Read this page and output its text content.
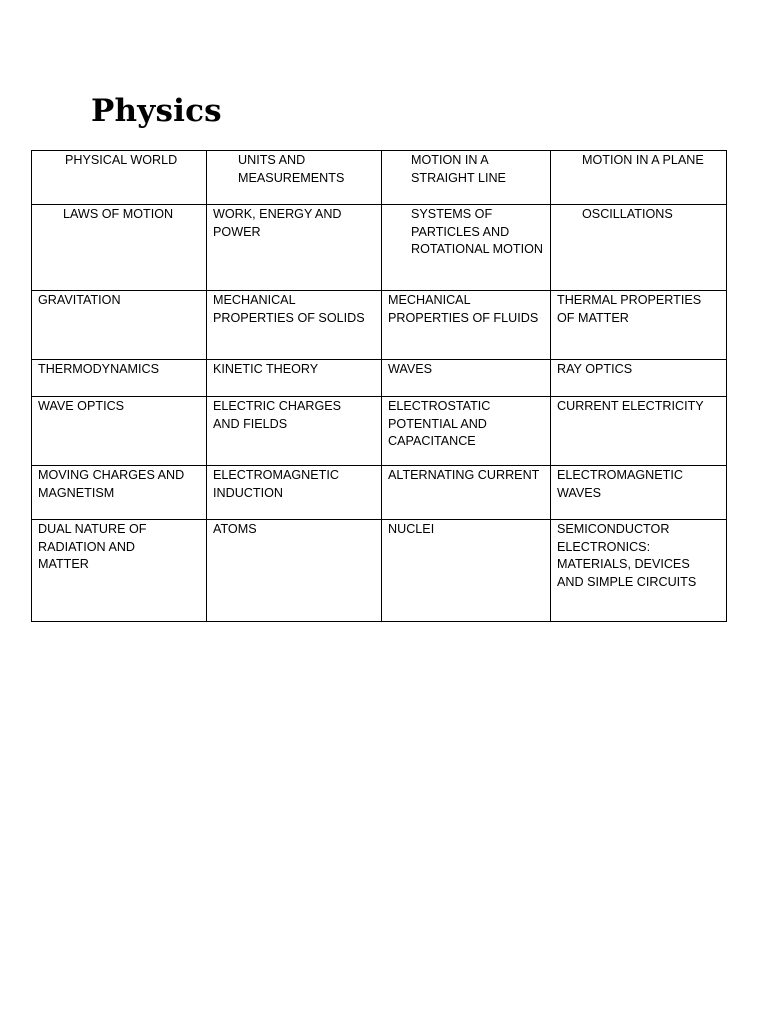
Physics
PHYSICAL WORLD	UNITS AND MEASUREMENTS	MOTION IN A STRAIGHT LINE	MOTION IN A PLANE
LAWS OF MOTION	WORK, ENERGY AND POWER	SYSTEMS OF PARTICLES AND ROTATIONAL MOTION	OSCILLATIONS
GRAVITATION	MECHANICAL PROPERTIES OF SOLIDS	MECHANICAL PROPERTIES OF FLUIDS	THERMAL PROPERTIES OF MATTER

THERMODYNAMICS	KINETIC THEORY	WAVES	RAY OPTICS
WAVE OPTICS	ELECTRIC CHARGES AND FIELDS	ELECTROSTATIC POTENTIAL AND CAPACITANCE	CURRENT ELECTRICITY

MOVING CHARGES AND MAGNETISM	ELECTROMAGNETIC INDUCTION	ALTERNATING CURRENT	ELECTROMAGNETIC WAVES

DUAL NATURE OF RADIATION AND MATTER	ATOMS	NUCLEI	SEMICONDUCTOR ELECTRONICS: MATERIALS, DEVICES AND SIMPLE CIRCUITS
